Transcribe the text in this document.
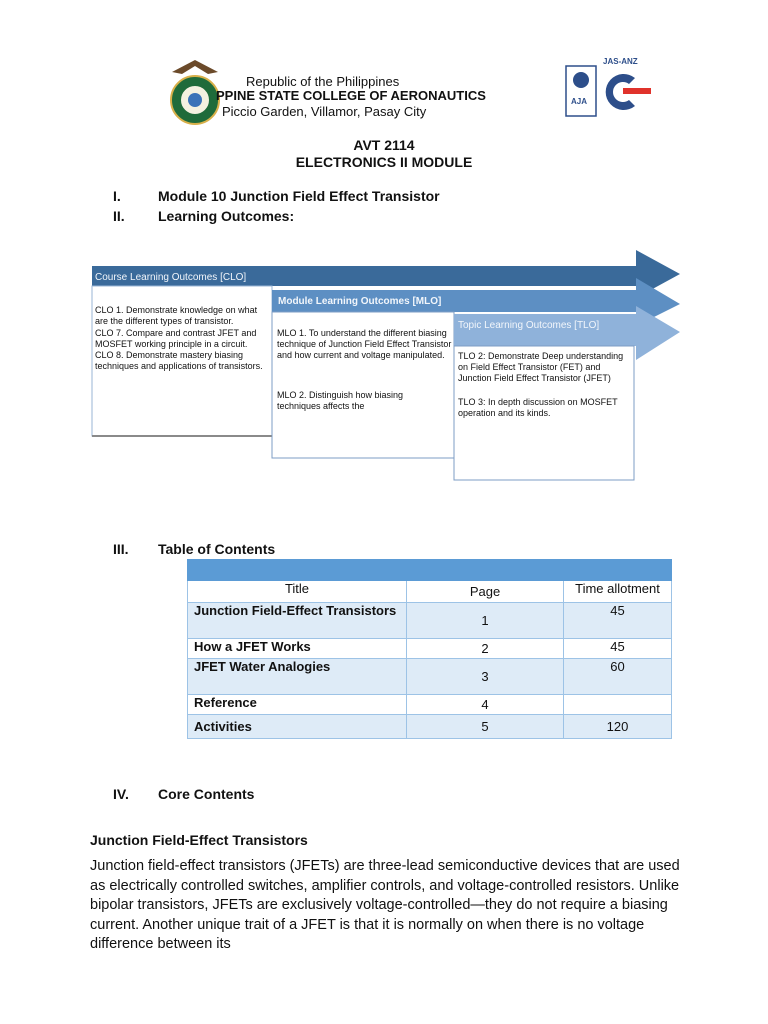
Republic of the Philippines
PPINE STATE COLLEGE OF AERONAUTICS
Piccio Garden, Villamor, Pasay City
AJA
JAS-ANZ
AVT 2114
ELECTRONICS II MODULE
I.	Module 10 Junction Field Effect Transistor
II. Learning Outcomes:
Course Learning Outcomes [CLO]
Module Learning Outcomes [MLO]
Topic Learning Outcomes [TLO]
CLO 1. Demonstrate knowledge on what are the different types of transistor.
CLO 7. Compare and contrast JFET and MOSFET working principle in a circuit.
CLO 8. Demonstrate mastery biasing techniques and applications of transistors.
MLO 1. To understand the different biasing technique of Junction Field Effect Transistor and how current and voltage manipulated.
MLO 2. Distinguish how biasing techniques affects the
TLO 2: Demonstrate Deep understanding on Field Effect Transistor (FET) and Junction Field Effect Transistor (JFET)
TLO 3: In depth discussion on MOSFET operation and its kinds.
III. Table of Contents

Title	Page	Time allotment
Junction Field-Effect Transistors	1	45
How a JFET Works	2	45
JFET Water Analogies	3	60
Reference	4	
Activities	5	120
IV. Core Contents
Junction Field-Effect Transistors
Junction field-effect transistors (JFETs) are three-lead semiconductive devices that are used as electrically controlled switches, amplifier controls, and voltage-controlled resistors. Unlike bipolar transistors, JFETs are exclusively voltage-controlled—they do not require a biasing current. Another unique trait of a JFET is that it is normally on when there is no voltage difference between its
